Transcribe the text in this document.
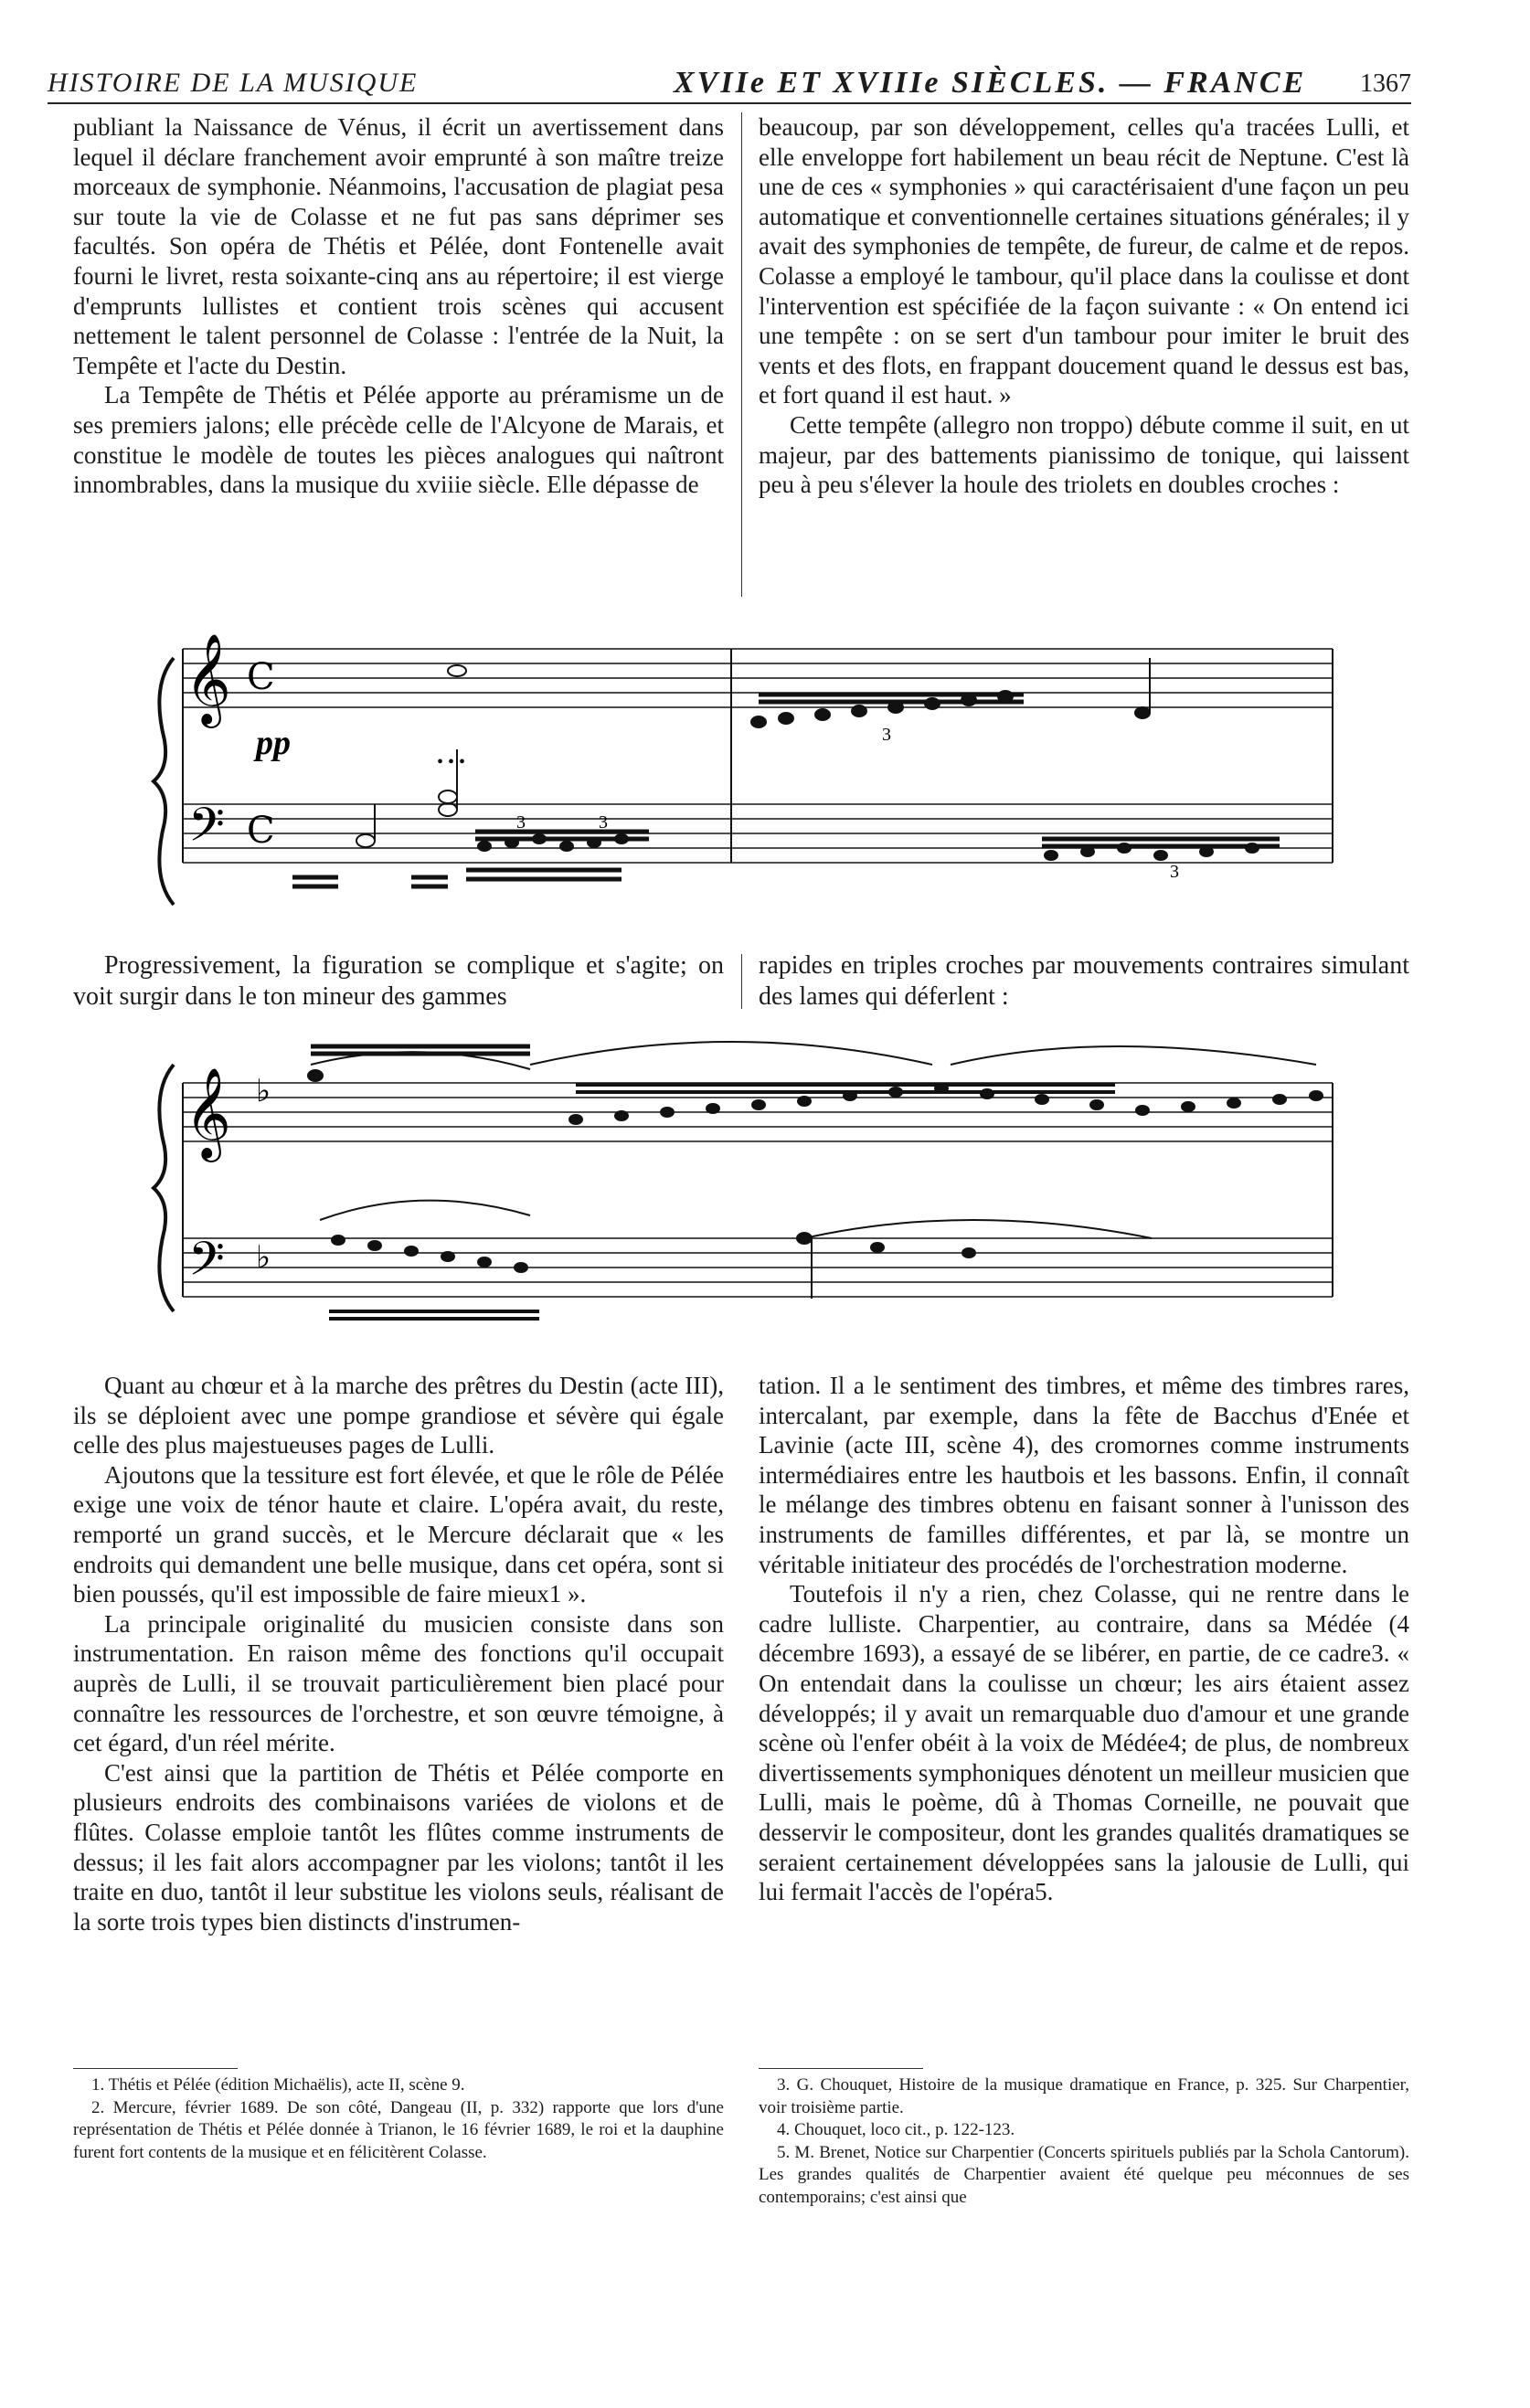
HISTOIRE DE LA MUSIQUE	XVIIe ET XVIIIe SIÈCLES. — FRANCE 1367

publiant la Naissance de Vénus, il écrit un avertissement dans lequel il déclare franchement avoir emprunté à son maître treize morceaux de symphonie. Néanmoins, l'accusation de plagiat pesa sur toute la vie de Colasse et ne fut pas sans déprimer ses facultés. Son opéra de Thétis et Pélée, dont Fontenelle avait fourni le livret, resta soixante-cinq ans au répertoire; il est vierge d'emprunts lullistes et contient trois scènes qui accusent nettement le talent personnel de Colasse : l'entrée de la Nuit, la Tempête et l'acte du Destin.

La Tempête de Thétis et Pélée apporte au préramisme un de ses premiers jalons; elle précède celle de l'Alcyone de Marais, et constitue le modèle de toutes les pièces analogues qui naîtront innombrables, dans la musique du xviiie siècle. Elle dépasse de

beaucoup, par son développement, celles qu'a tracées Lulli, et elle enveloppe fort habilement un beau récit de Neptune. C'est là une de ces « symphonies » qui caractérisaient d'une façon un peu automatique et conventionnelle certaines situations générales; il y avait des symphonies de tempête, de fureur, de calme et de repos. Colasse a employé le tambour, qu'il place dans la coulisse et dont l'intervention est spécifiée de la façon suivante : « On entend ici une tempête : on se sert d'un tambour pour imiter le bruit des vents et des flots, en frappant doucement quand le dessus est bas, et fort quand il est haut. »

Cette tempête (allegro non troppo) débute comme il suit, en ut majeur, par des battements pianissimo de tonique, qui laissent peu à peu s'élever la houle des triolets en doubles croches :

𝄞
𝄢
C
C
pp	• • •
3	3
3
3

Progressivement, la figuration se complique et s'agite; on voit surgir dans le ton mineur des gammes

rapides en triples croches par mouvements contraires simulant des lames qui déferlent :

𝄞
𝄢
♭
♭

Quant au chœur et à la marche des prêtres du Destin (acte III), ils se déploient avec une pompe grandiose et sévère qui égale celle des plus majestueuses pages de Lulli.

Ajoutons que la tessiture est fort élevée, et que le rôle de Pélée exige une voix de ténor haute et claire. L'opéra avait, du reste, remporté un grand succès, et le Mercure déclarait que « les endroits qui demandent une belle musique, dans cet opéra, sont si bien poussés, qu'il est impossible de faire mieux1 ».

La principale originalité du musicien consiste dans son instrumentation. En raison même des fonctions qu'il occupait auprès de Lulli, il se trouvait particulièrement bien placé pour connaître les ressources de l'orchestre, et son œuvre témoigne, à cet égard, d'un réel mérite.

C'est ainsi que la partition de Thétis et Pélée comporte en plusieurs endroits des combinaisons variées de violons et de flûtes. Colasse emploie tantôt les flûtes comme instruments de dessus; il les fait alors accompagner par les violons; tantôt il les traite en duo, tantôt il leur substitue les violons seuls, réalisant de la sorte trois types bien distincts d'instrumen-

tation. Il a le sentiment des timbres, et même des timbres rares, intercalant, par exemple, dans la fête de Bacchus d'Enée et Lavinie (acte III, scène 4), des cromornes comme instruments intermédiaires entre les hautbois et les bassons. Enfin, il connaît le mélange des timbres obtenu en faisant sonner à l'unisson des instruments de familles différentes, et par là, se montre un véritable initiateur des procédés de l'orchestration moderne.

Toutefois il n'y a rien, chez Colasse, qui ne rentre dans le cadre lulliste. Charpentier, au contraire, dans sa Médée (4 décembre 1693), a essayé de se libérer, en partie, de ce cadre3. « On entendait dans la coulisse un chœur; les airs étaient assez développés; il y avait un remarquable duo d'amour et une grande scène où l'enfer obéit à la voix de Médée4; de plus, de nombreux divertissements symphoniques dénotent un meilleur musicien que Lulli, mais le poème, dû à Thomas Corneille, ne pouvait que desservir le compositeur, dont les grandes qualités dramatiques se seraient certainement développées sans la jalousie de Lulli, qui lui fermait l'accès de l'opéra5.

1. Thétis et Pélée (édition Michaëlis), acte II, scène 9.

2. Mercure, février 1689. De son côté, Dangeau (II, p. 332) rapporte que lors d'une représentation de Thétis et Pélée donnée à Trianon, le 16 février 1689, le roi et la dauphine furent fort contents de la musique et en félicitèrent Colasse.

3. G. Chouquet, Histoire de la musique dramatique en France, p. 325. Sur Charpentier, voir troisième partie.

4. Chouquet, loco cit., p. 122-123.

5. M. Brenet, Notice sur Charpentier (Concerts spirituels publiés par la Schola Cantorum). Les grandes qualités de Charpentier avaient été quelque peu méconnues de ses contemporains; c'est ainsi que
